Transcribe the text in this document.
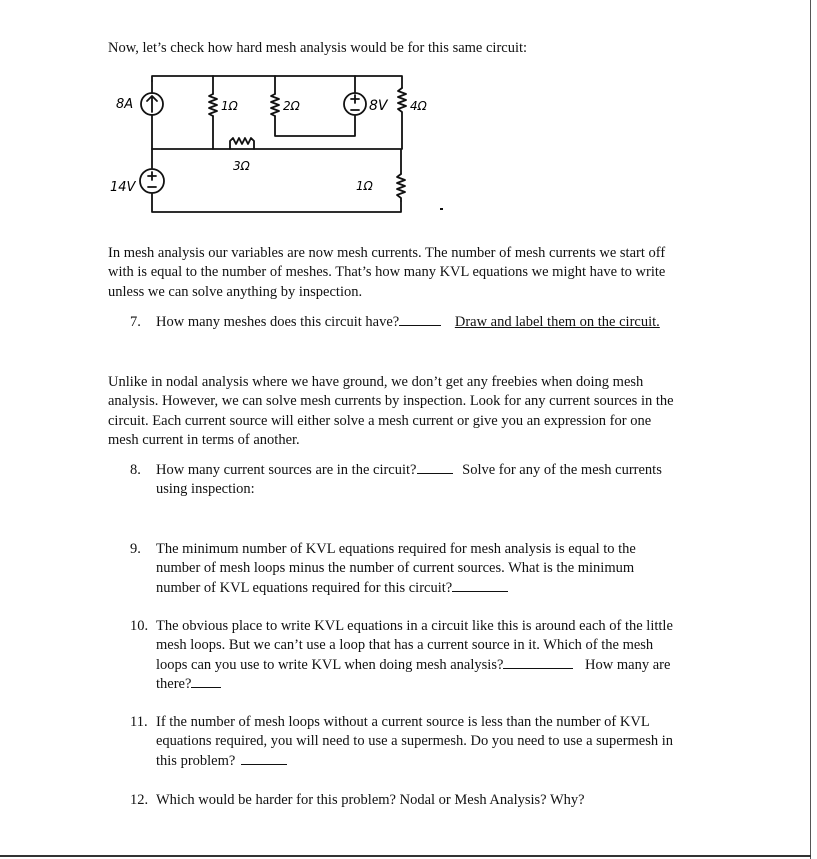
Now, let’s check how hard mesh analysis would be for this same circuit:

8A
14V
1Ω	2Ω	8V 4Ω
3Ω
1Ω
In mesh analysis our variables are now mesh currents. The number of mesh currents we start off
with is equal to the number of meshes. That’s how many KVL equations we might have to write
unless we can solve anything by inspection.
7.	How many meshes does this circuit have?	Draw and label them on the circuit.
Unlike in nodal analysis where we have ground, we don’t get any freebies when doing mesh
analysis. However, we can solve mesh currents by inspection. Look for any current sources in the
circuit. Each current source will either solve a mesh current or give you an expression for one
mesh current in terms of another.
8.	How many current sources are in the circuit?	Solve for any of the mesh currents
using inspection:
9.	The minimum number of KVL equations required for mesh analysis is equal to the
number of mesh loops minus the number of current sources. What is the minimum
number of KVL equations required for this circuit?
10. The obvious place to write KVL equations in a circuit like this is around each of the little
mesh loops. But we can’t use a loop that has a current source in it. Which of the mesh
loops can you use to write KVL when doing mesh analysis?	How many are
there?
11. If the number of mesh loops without a current source is less than the number of KVL
equations required, you will need to use a supermesh. Do you need to use a supermesh in
this problem?
12. Which would be harder for this problem? Nodal or Mesh Analysis? Why?
